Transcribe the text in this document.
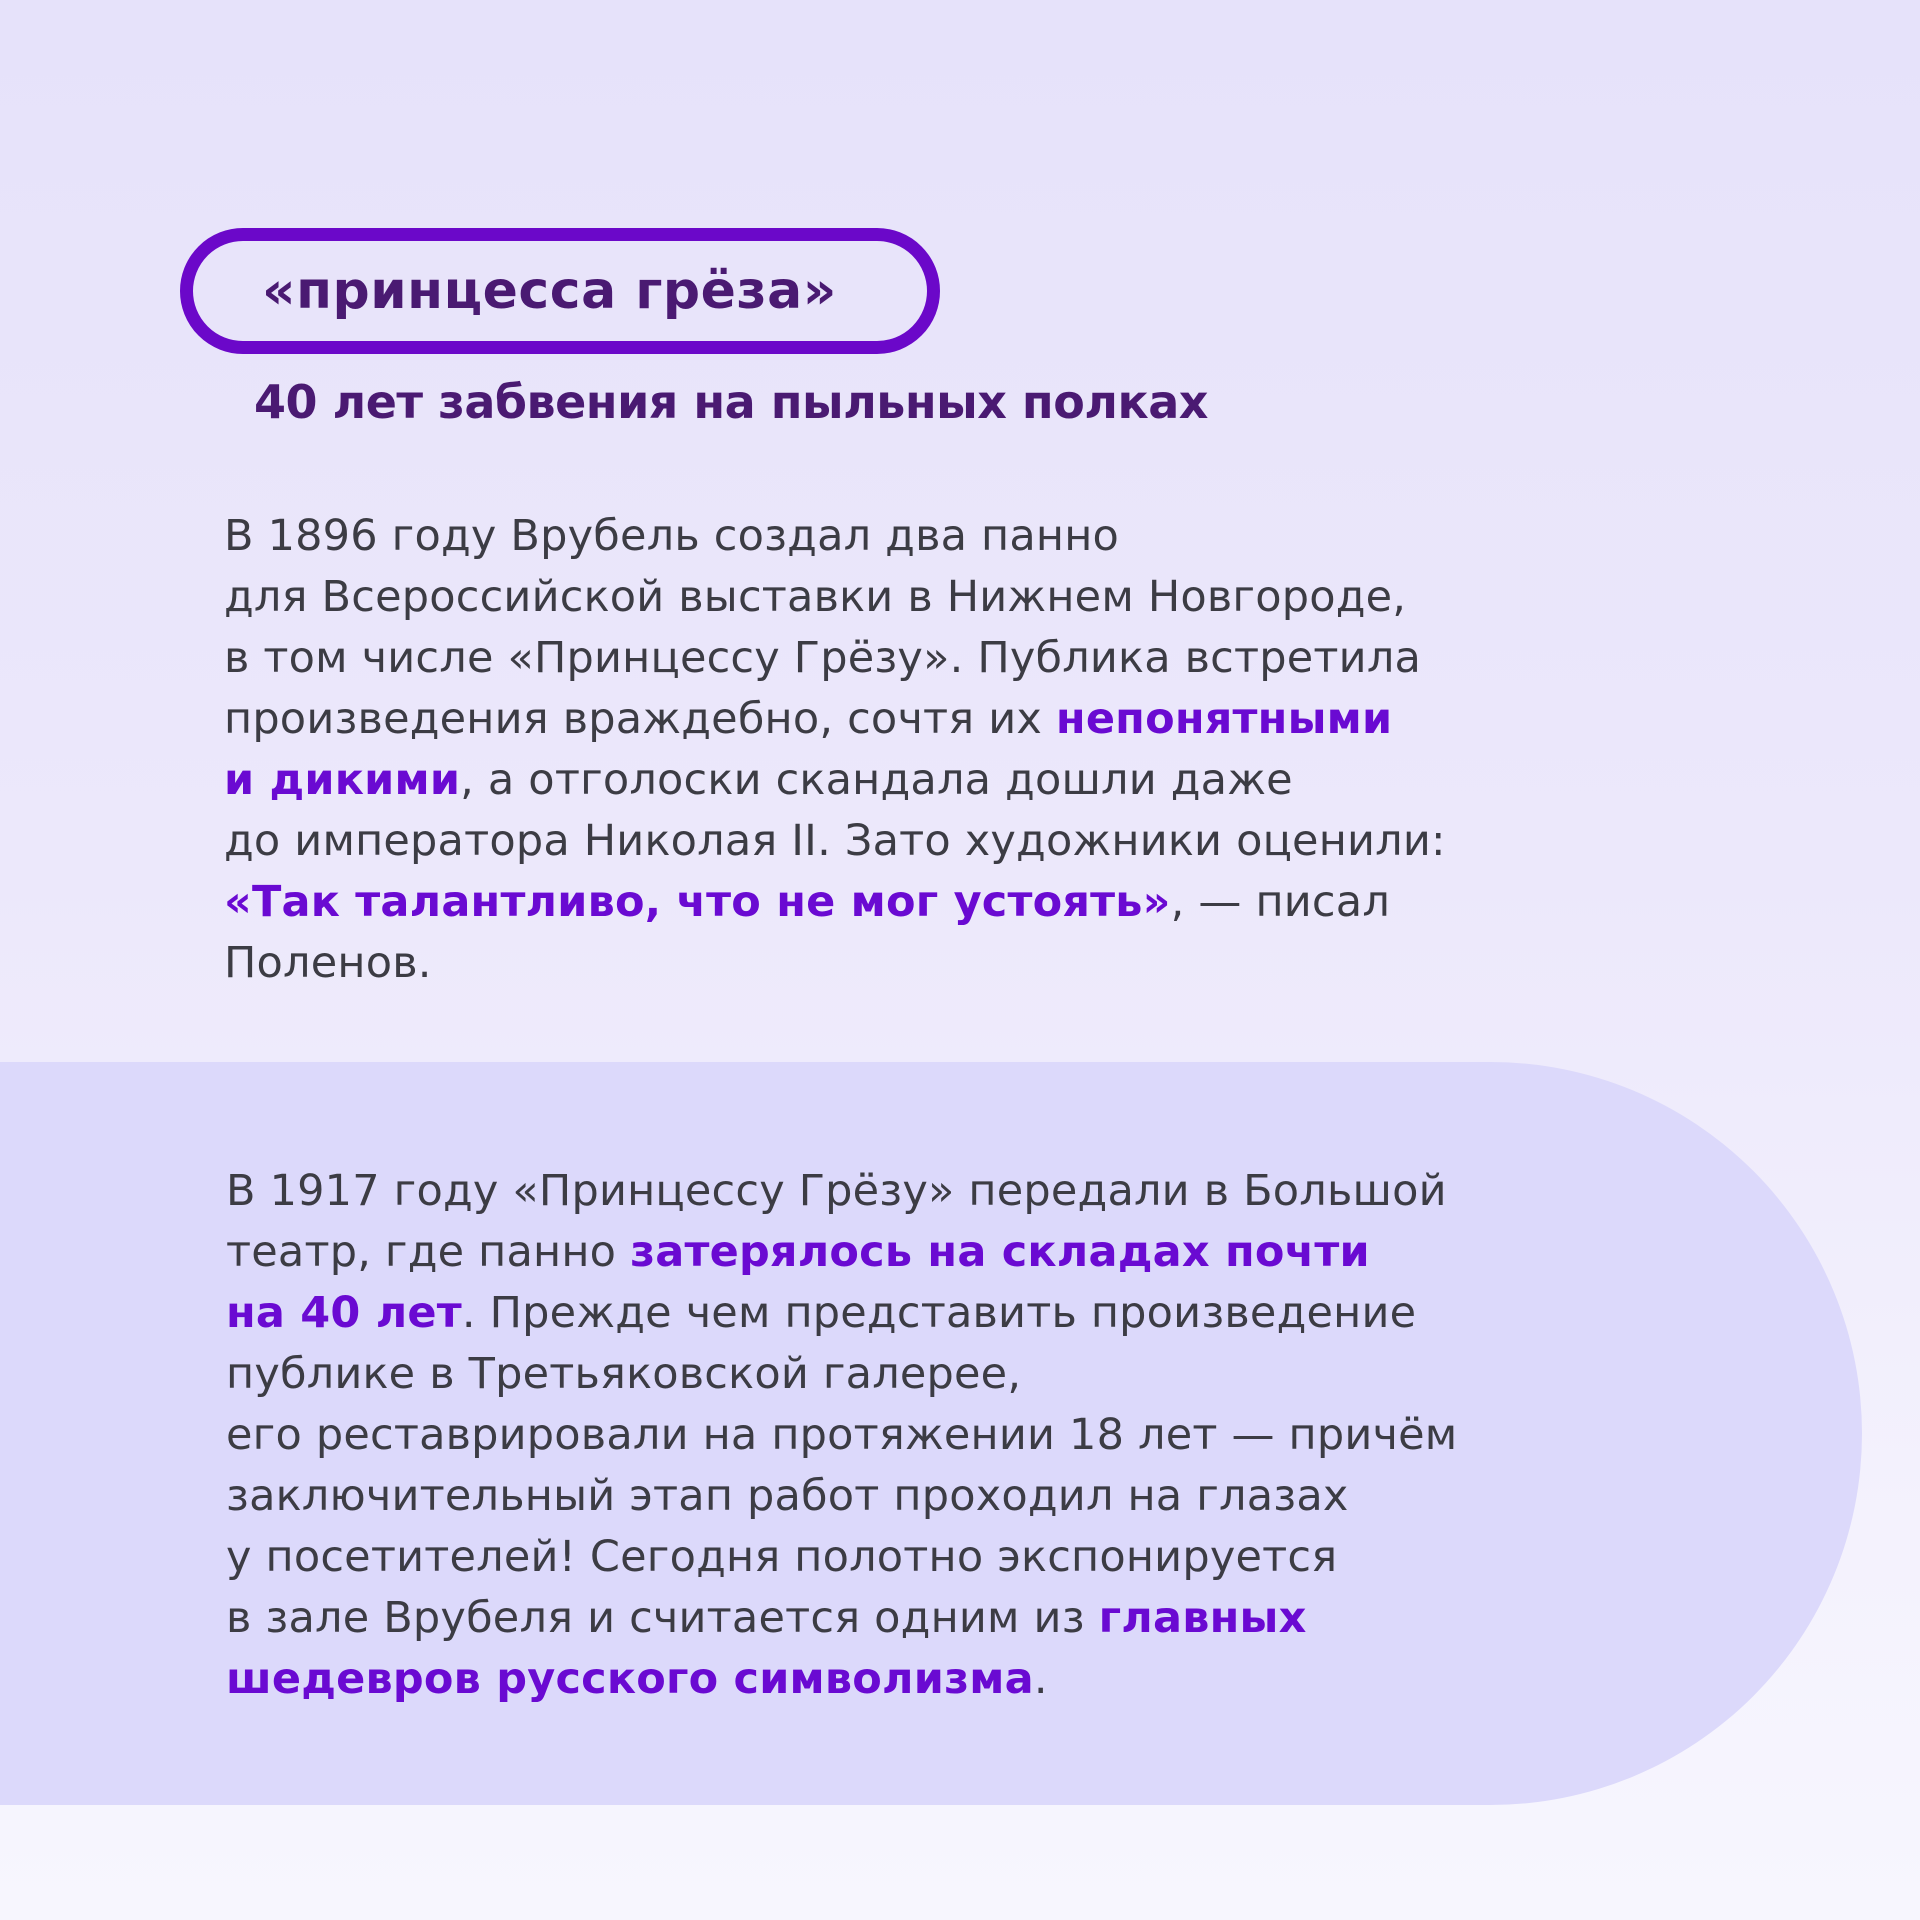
«принцесса грёза»
40 лет забвения на пыльных полках
В 1896 году Врубель создал два панно
для Всероссийской выставки в Нижнем Новгороде,
в том числе «Принцессу Грёзу». Публика встретила
произведения враждебно, сочтя их непонятными
и дикими, а отголоски скандала дошли даже
до императора Николая II. Зато художники оценили:
«Так талантливо, что не мог устоять», — писал
Поленов.
В 1917 году «Принцессу Грёзу» передали в Большой
театр, где панно затерялось на складах почти
на 40 лет. Прежде чем представить произведение
публике в Третьяковской галерее,
его реставрировали на протяжении 18 лет — причём
заключительный этап работ проходил на глазах
у посетителей! Сегодня полотно экспонируется
в зале Врубеля и считается одним из главных
шедевров русского символизма.
